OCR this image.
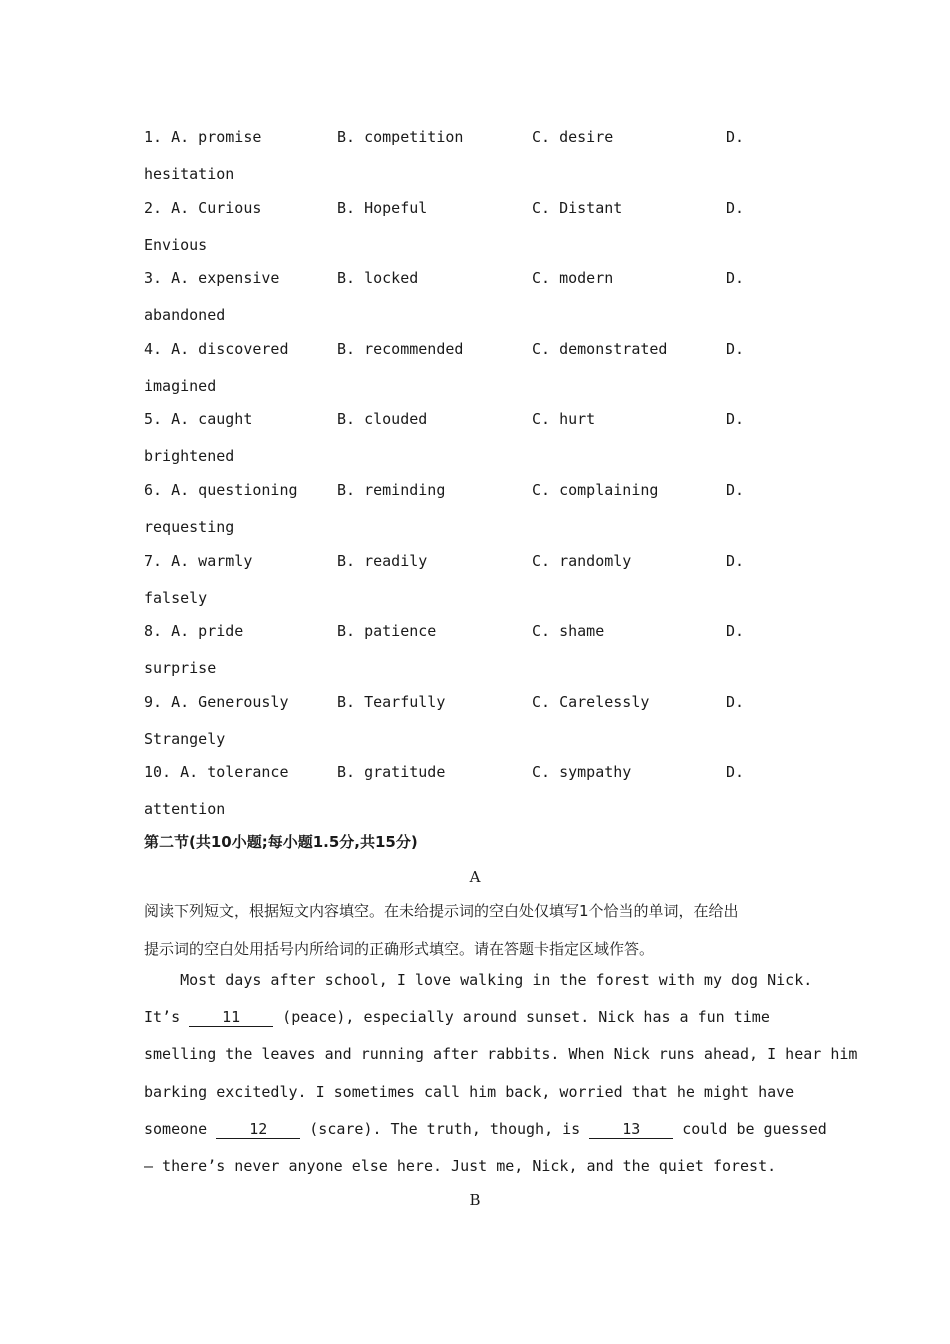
1. A. promise	B. competition	C. desire	D.
hesitation
2. A. Curious	B. Hopeful	C. Distant	D.
Envious
3. A. expensive	B. locked	C. modern	D.
abandoned
4. A. discovered	B. recommended	C. demonstrated	D.
imagined
5. A. caught	B. clouded	C. hurt	D.
brightened
6. A. questioning	B. reminding	C. complaining	D.
requesting
7. A. warmly	B. readily	C. randomly	D.
falsely
8. A. pride	B. patience	C. shame	D.
surprise
9. A. Generously	B. Tearfully	C. Carelessly	D.
Strangely
10. A. tolerance	B. gratitude	C. sympathy	D.
attention
第二节(共10小题;每小题1.5分,共15分)
A
阅读下列短文，根据短文内容填空。在未给提示词的空白处仅填写1个恰当的单词，在给出
提示词的空白处用括号内所给词的正确形式填空。请在答题卡指定区域作答。
Most days after school, I love walking in the forest with my dog Nick.
It’s 11 (peace), especially around sunset. Nick has a fun time
smelling the leaves and running after rabbits. When Nick runs ahead, I hear him
barking excitedly. I sometimes call him back, worried that he might have
someone 12 (scare). The truth, though, is 13 could be guessed
— there’s never anyone else here. Just me, Nick, and the quiet forest.
B
